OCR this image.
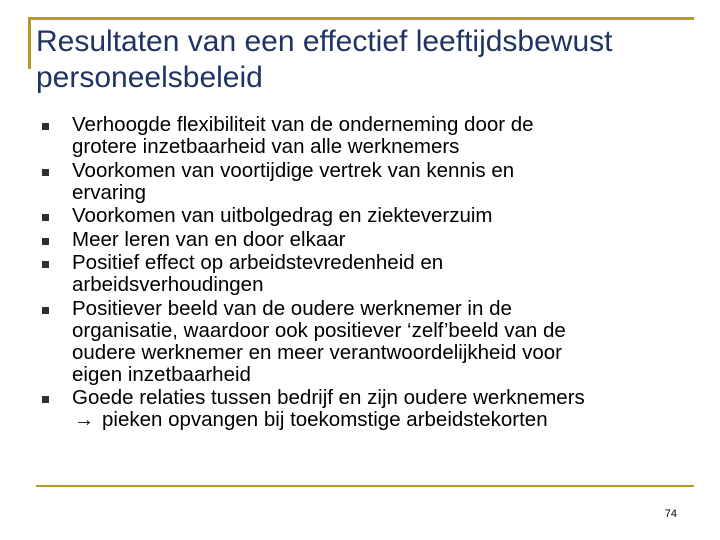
Resultaten van een effectief leeftijdsbewust
personeelsbeleid
Verhoogde flexibiliteit van de onderneming door de
grotere inzetbaarheid van alle werknemers
Voorkomen van voortijdige vertrek van kennis en
ervaring
Voorkomen van uitbolgedrag en ziekteverzuim
Meer leren van en door elkaar
Positief effect op arbeidstevredenheid en
arbeidsverhoudingen
Positiever beeld van de oudere werknemer in de
organisatie, waardoor ook positiever ‘zelf’beeld van de
oudere werknemer en meer verantwoordelijkheid voor
eigen inzetbaarheid
Goede relaties tussen bedrijf en zijn oudere werknemers
→ pieken opvangen bij toekomstige arbeidstekorten
74
